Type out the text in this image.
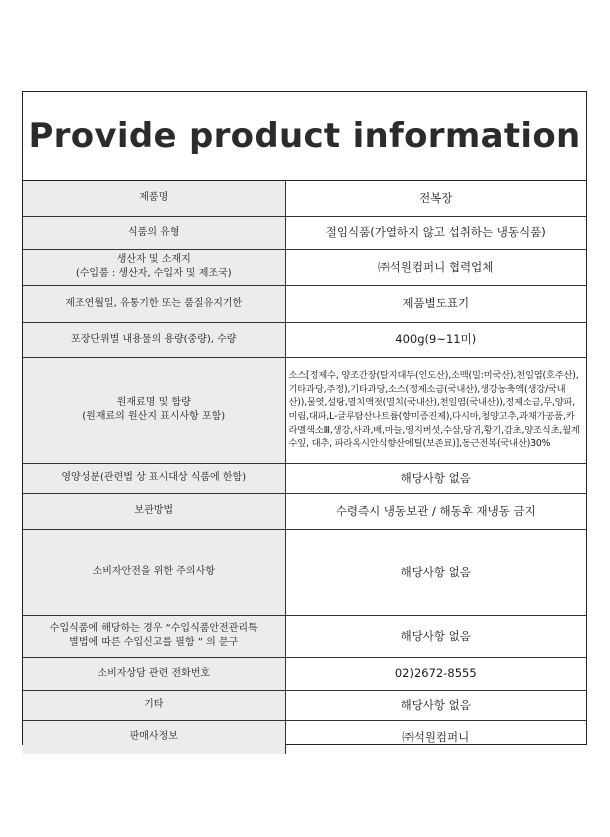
Provide product information
제품명	전복장
식품의 유형	절임식품(가열하지 않고 섭취하는 냉동식품)

생산자 및 소재지
(수입품 : 생산자, 수입자 및 제조국)	㈜석원컴퍼니 협력업체
제조연월일, 유통기한 또는 품질유지기한	제품별도표기
포장단위별 내용물의 용량(중량), 수량	400g(9~11미)

원재료명 및 함량
(원재료의 원산지 표시사항 포함)	소스[정제수, 양조간장(탈지대두(인도산),소맥(밀:미국산),천일염(호주산),기타과당,주정),기타과당,소스(정제소금(국내산),생강농축액(생강/국내산)),물엿,설탕,멸치액젓(멸치(국내산),천일염(국내산)),정제소금,무,양파,미림,대파,L-글루탐산나트륨(향미증진제),다시마,청양고추,과채가공품,카라멜색소Ⅲ,생강,사과,배,마늘,영지버섯,수삼,당귀,황기,감초,양조식초,월계수잎, 대추, 파라옥시안식향산에틸(보존료)],동근전복(국내산)30%
영양성분(관련법 상 표시대상 식품에 한함)	해당사항 없음
보관방법	수령즉시 냉동보관 / 해동후 재냉동 금지
소비자안전을 위한 주의사항	해당사항 없음

수입식품에 해당하는 경우 “수입식품안전관리특
별법에 따른 수입신고를 필함 ” 의 문구	해당사항 없음
소비자상담 관련 전화번호	02)2672-8555
기타	해당사항 없음
판매사정보	㈜석원컴퍼니
